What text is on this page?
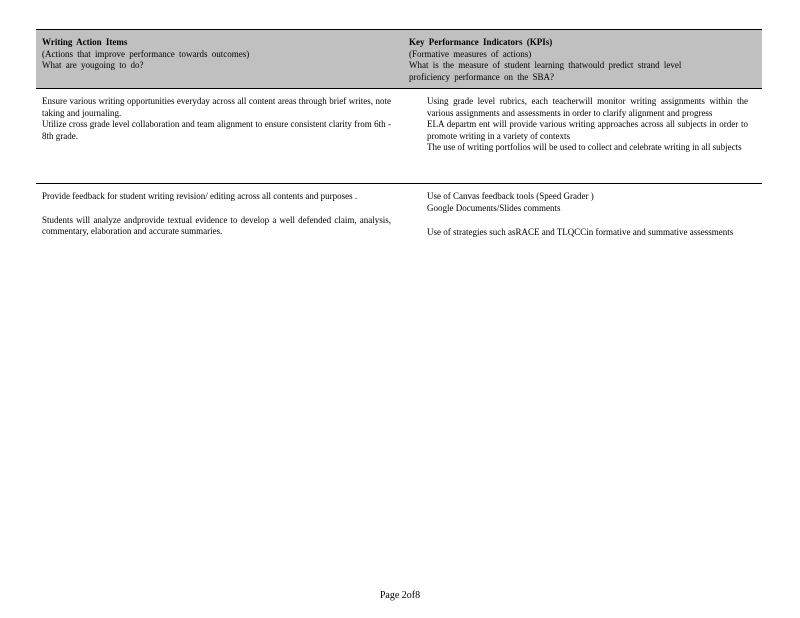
Writing Action Items
(Actions that improve performance towards outcomes)
What are yougoing to do?
Key Performance Indicators (KPIs)
(Formative measures of actions)
What is the measure of student learning thatwould predict strand level
proficiency performance on the SBA?
Ensure various writing opportunities everyday across all content areas through brief writes, note taking and journaling.
Utilize cross grade level collaboration and team alignment to ensure consistent clarity from 6th - 8th grade.
Using grade level rubrics, each teacherwill monitor writing assignments within the various assignments and assessments in order to clarify alignment and progress
ELA departm ent will provide various writing approaches across all subjects in order to promote writing in a variety of contexts
The use of writing portfolios will be used to collect and celebrate writing in all subjects
Provide feedback for student writing revision/ editing across all contents and purposes .
Students will analyze andprovide textual evidence to develop a well defended claim, analysis, commentary, elaboration and accurate summaries.
Use of Canvas feedback tools (Speed Grader )
Google Documents/Slides comments
Use of strategies such asRACE and TLQCCin formative and summative assessments
Page 2of8
